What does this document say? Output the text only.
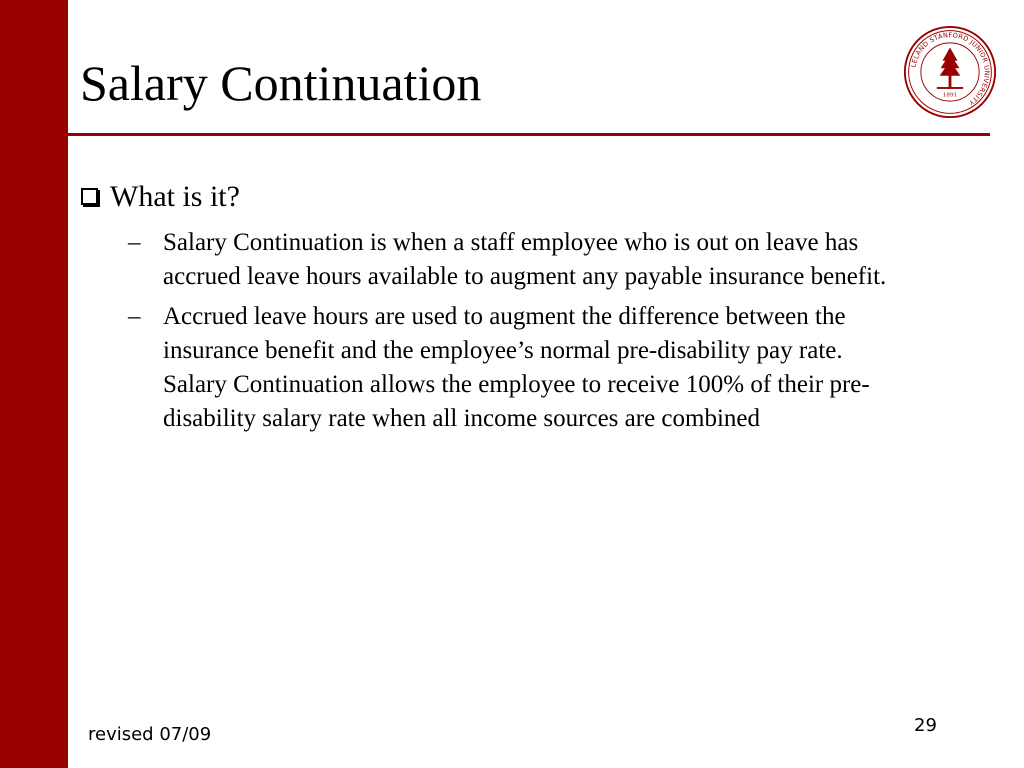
Salary Continuation	LELAND STANFORD JUNIOR UNIVERSITY
1891
What is it?
– Salary Continuation is when a staff employee who is out on leave has accrued leave hours available to augment any payable insurance benefit.
– Accrued leave hours are used to augment the difference between the insurance benefit and the employee’s normal pre-disability pay rate. Salary Continuation allows the employee to receive 100% of their pre-disability salary rate when all income sources are combined
revised 07/09	29
